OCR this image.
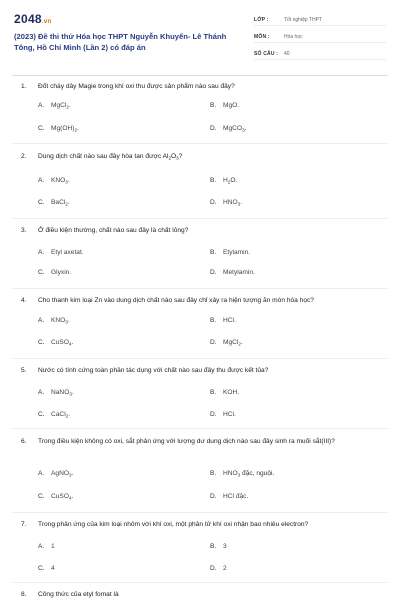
2048.vn
(2023) Đề thi thử Hóa học THPT Nguyễn Khuyến- Lê Thánh Tông, Hồ Chí Minh (Lần 2) có đáp án
LỚP :	Tốt nghiệp THPT
MÔN :	Hóa học
SỐ CÂU :	40
1.	Đốt cháy dây Magie trong khí oxi thu được sản phẩm nào sau đây?
A. MgCl$_2$.	B. MgO.
C. $Mg(OH)_2$.	D. MgCO$_3$.
2.	Dung dịch chất nào sau đây hòa tan được $Al_2O_3$?
A. $KNO_3$.	B. $H_2O$.
C. BaCl$_2$.	D. $HNO_3$.
3.	Ở điều kiện thường, chất nào sau đây là chất lỏng?
A. Etyl axetat.	B. Etylamin.
C. Glyxin.	D. Metylamin.
4.	Cho thanh kim loại Zn vào dung dịch chất nào sau đây chỉ xảy ra hiện tượng ăn mòn hóa học?
A. $KNO_3$.	B. HCl.
C. CuSO$_4$.	D. MgCl$_2$.
5.	Nước có tính cứng toàn phần tác dụng với chất nào sau đây thu được kết tủa?
A. NaNO$_3$.	B. KOH.
C. CaCl$_2$.	D. HCl.
6.	Trong điều kiện không có oxi, sắt phản ứng với lượng dư dung dịch nào sau đây sinh ra muối sắt(III)?
A. AgNO$_3$.	B. $HNO_3$ đặc, nguội.
C. CuSO$_4$.	D. HCl đặc.
7.	Trong phản ứng của kim loại nhôm với khí oxi, một phân tử khí oxi nhận bao nhiêu electron?
A. 1	B. 3
C. 4	D. 2
8.	Công thức của etyl fomat là
